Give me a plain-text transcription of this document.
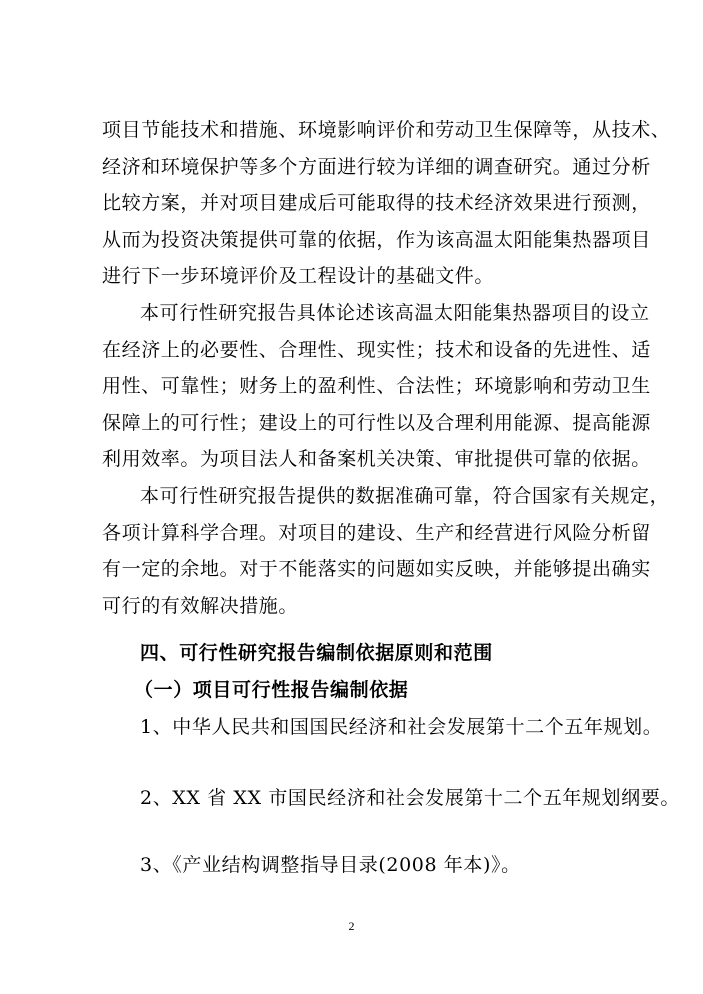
项目节能技术和措施、环境影响评价和劳动卫生保障等，从技术、
经济和环境保护等多个方面进行较为详细的调查研究。通过分析
比较方案，并对项目建成后可能取得的技术经济效果进行预测，
从而为投资决策提供可靠的依据，作为该高温太阳能集热器项目
进行下一步环境评价及工程设计的基础文件。
本可行性研究报告具体论述该高温太阳能集热器项目的设立
在经济上的必要性、合理性、现实性；技术和设备的先进性、适
用性、可靠性；财务上的盈利性、合法性；环境影响和劳动卫生
保障上的可行性；建设上的可行性以及合理利用能源、提高能源
利用效率。为项目法人和备案机关决策、审批提供可靠的依据。
本可行性研究报告提供的数据准确可靠，符合国家有关规定，
各项计算科学合理。对项目的建设、生产和经营进行风险分析留
有一定的余地。对于不能落实的问题如实反映，并能够提出确实
可行的有效解决措施。
四、可行性研究报告编制依据原则和范围
（一）项目可行性报告编制依据
1、中华人民共和国国民经济和社会发展第十二个五年规划。
2、XX 省 XX 市国民经济和社会发展第十二个五年规划纲要。
3、《产业结构调整指导目录(2008 年本)》。
2
